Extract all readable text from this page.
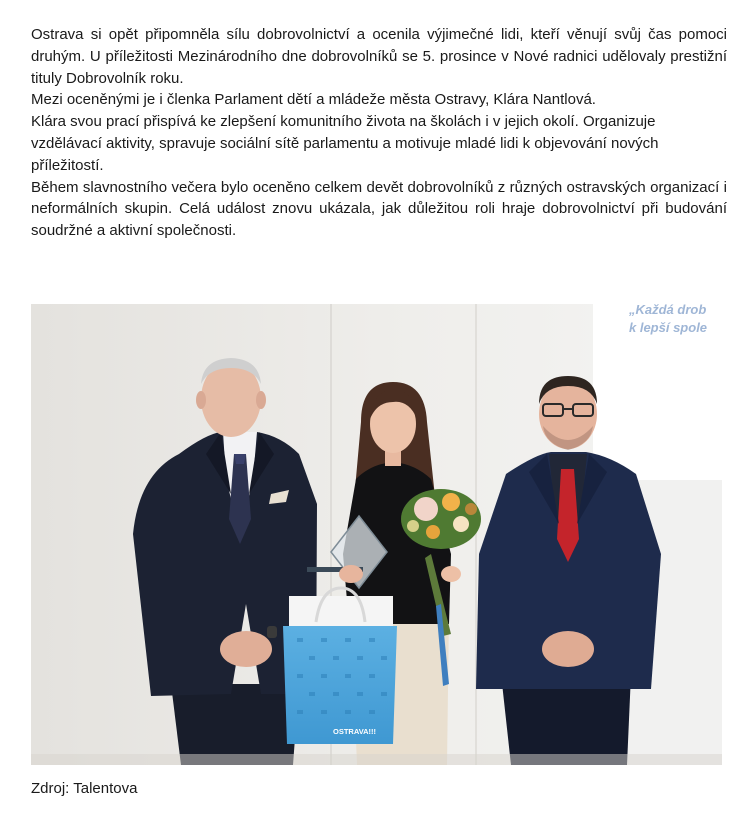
Ostrava si opět připomněla sílu dobrovolnictví a ocenila výjimečné lidi, kteří věnují svůj čas pomoci druhým. U příležitosti Mezinárodního dne dobrovolníků se 5. prosince v Nové radnici udělovaly prestižní tituly Dobrovolník roku.

Mezi oceněnými je i členka Parlament dětí a mládeže města Ostravy, Klára Nantlová.

Klára svou prací přispívá ke zlepšení komunitního života na školách i v jejich okolí. Organizuje vzdělávací aktivity, spravuje sociální sítě parlamentu a motivuje mladé lidi k objevování nových příležitostí.

Během slavnostního večera bylo oceněno celkem devět dobrovolníků z různých ostravských organizací i neformálních skupin. Celá událost znovu ukázala, jak důležitou roli hraje dobrovolnictví při budování soudržné a aktivní společnosti.

„Každá drob
k lepší spole
OSTRAVA!!!

Zdroj: Talentova
